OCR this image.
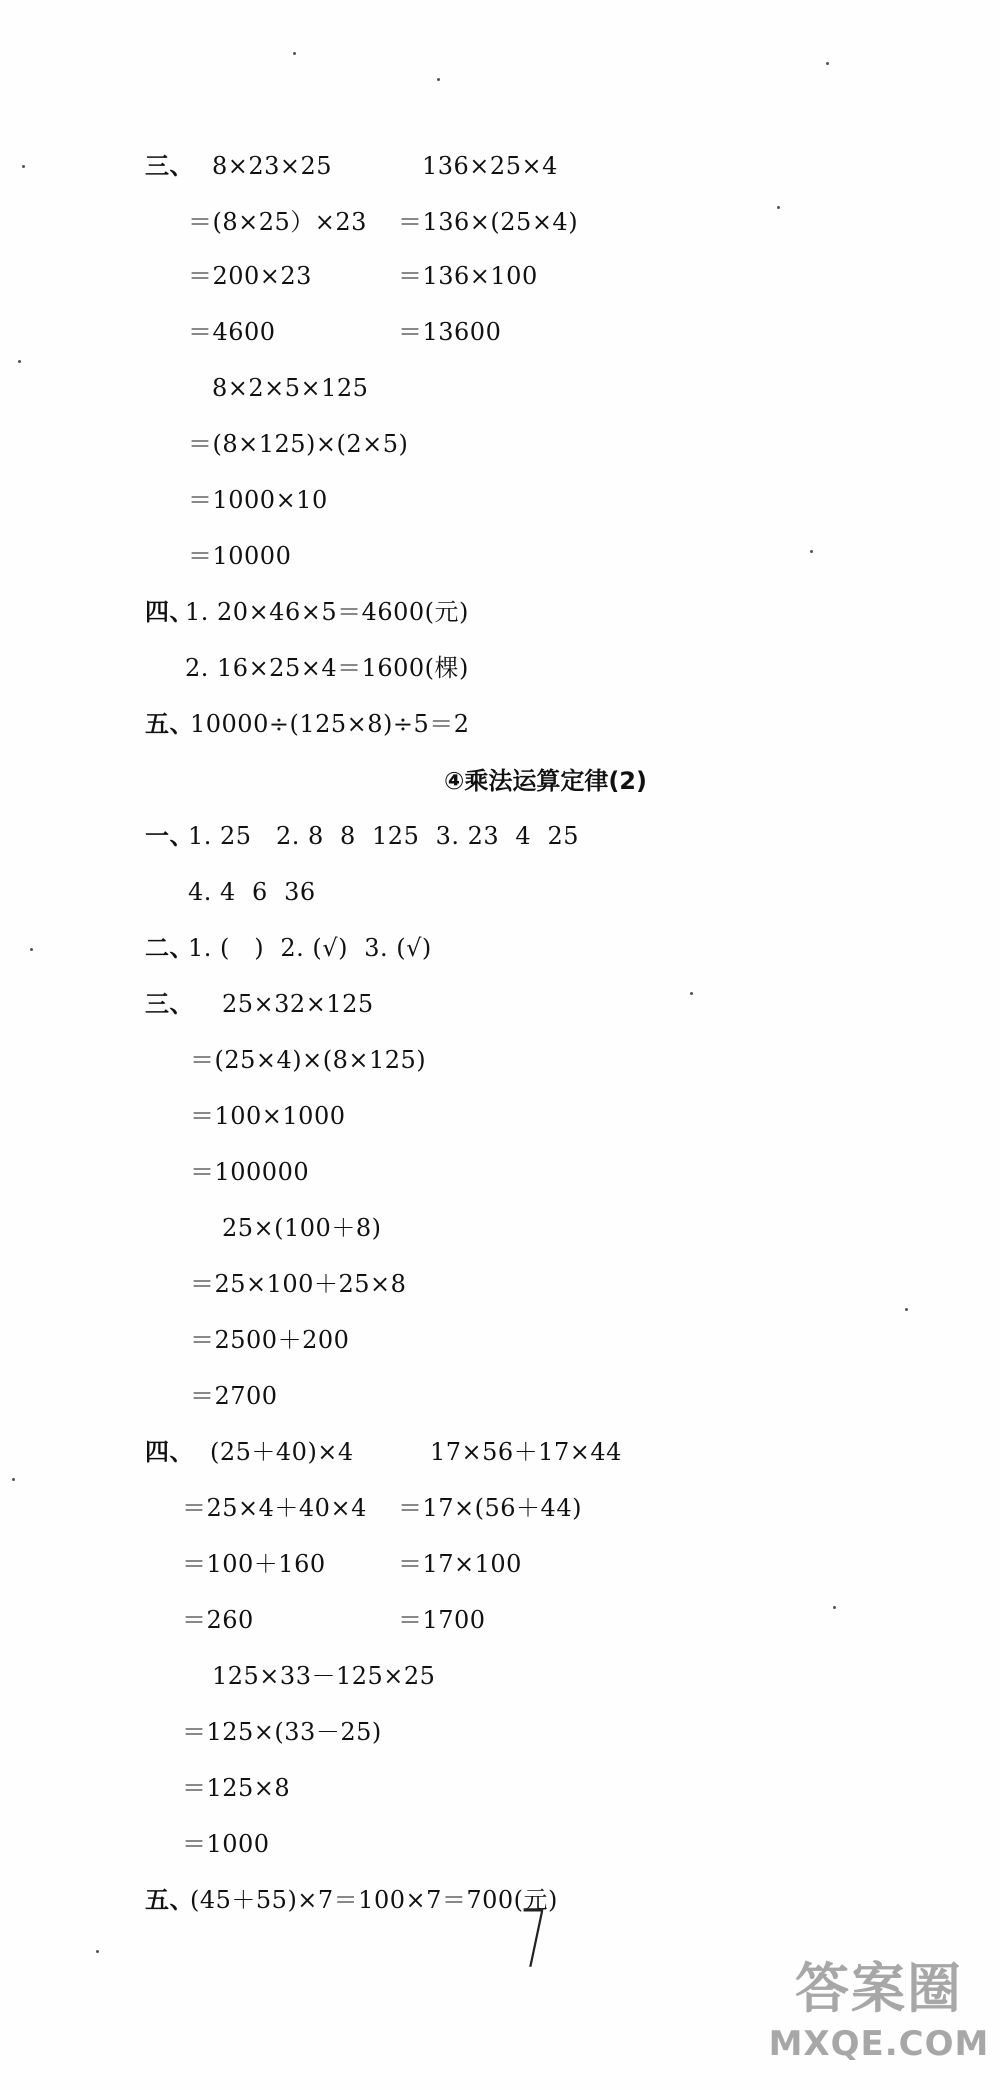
三、 8×23×25	136×25×4
＝(8×25）×23 ＝136×(25×4)
＝200×23	＝136×100
＝4600	＝13600
8×2×5×125
＝(8×125)×(2×5)
＝1000×10
＝10000
四、
1. 20×46×5＝4600(元)
2. 16×25×4＝1600(棵)
五、
10000÷(125×8)÷5＝2
④乘法运算定律(2)
一、
1. 25   2. 8  8  125  3. 23  4  25
4. 4  6  36
二、
1. (   )  2. (√)  3. (√)
三、 25×32×125
＝(25×4)×(8×125)
＝100×1000
＝100000
25×(100＋8)
＝25×100＋25×8
＝2500＋200
＝2700
四、 (25＋40)×4	17×56＋17×44
＝25×4＋40×4 ＝17×(56＋44)
＝100＋160	＝17×100
＝260	＝1700
125×33－125×25
＝125×(33－25)
＝125×8
＝1000
五、
(45＋55)×7＝100×7＝700(元)
7
答案圈
MXQE.COM
